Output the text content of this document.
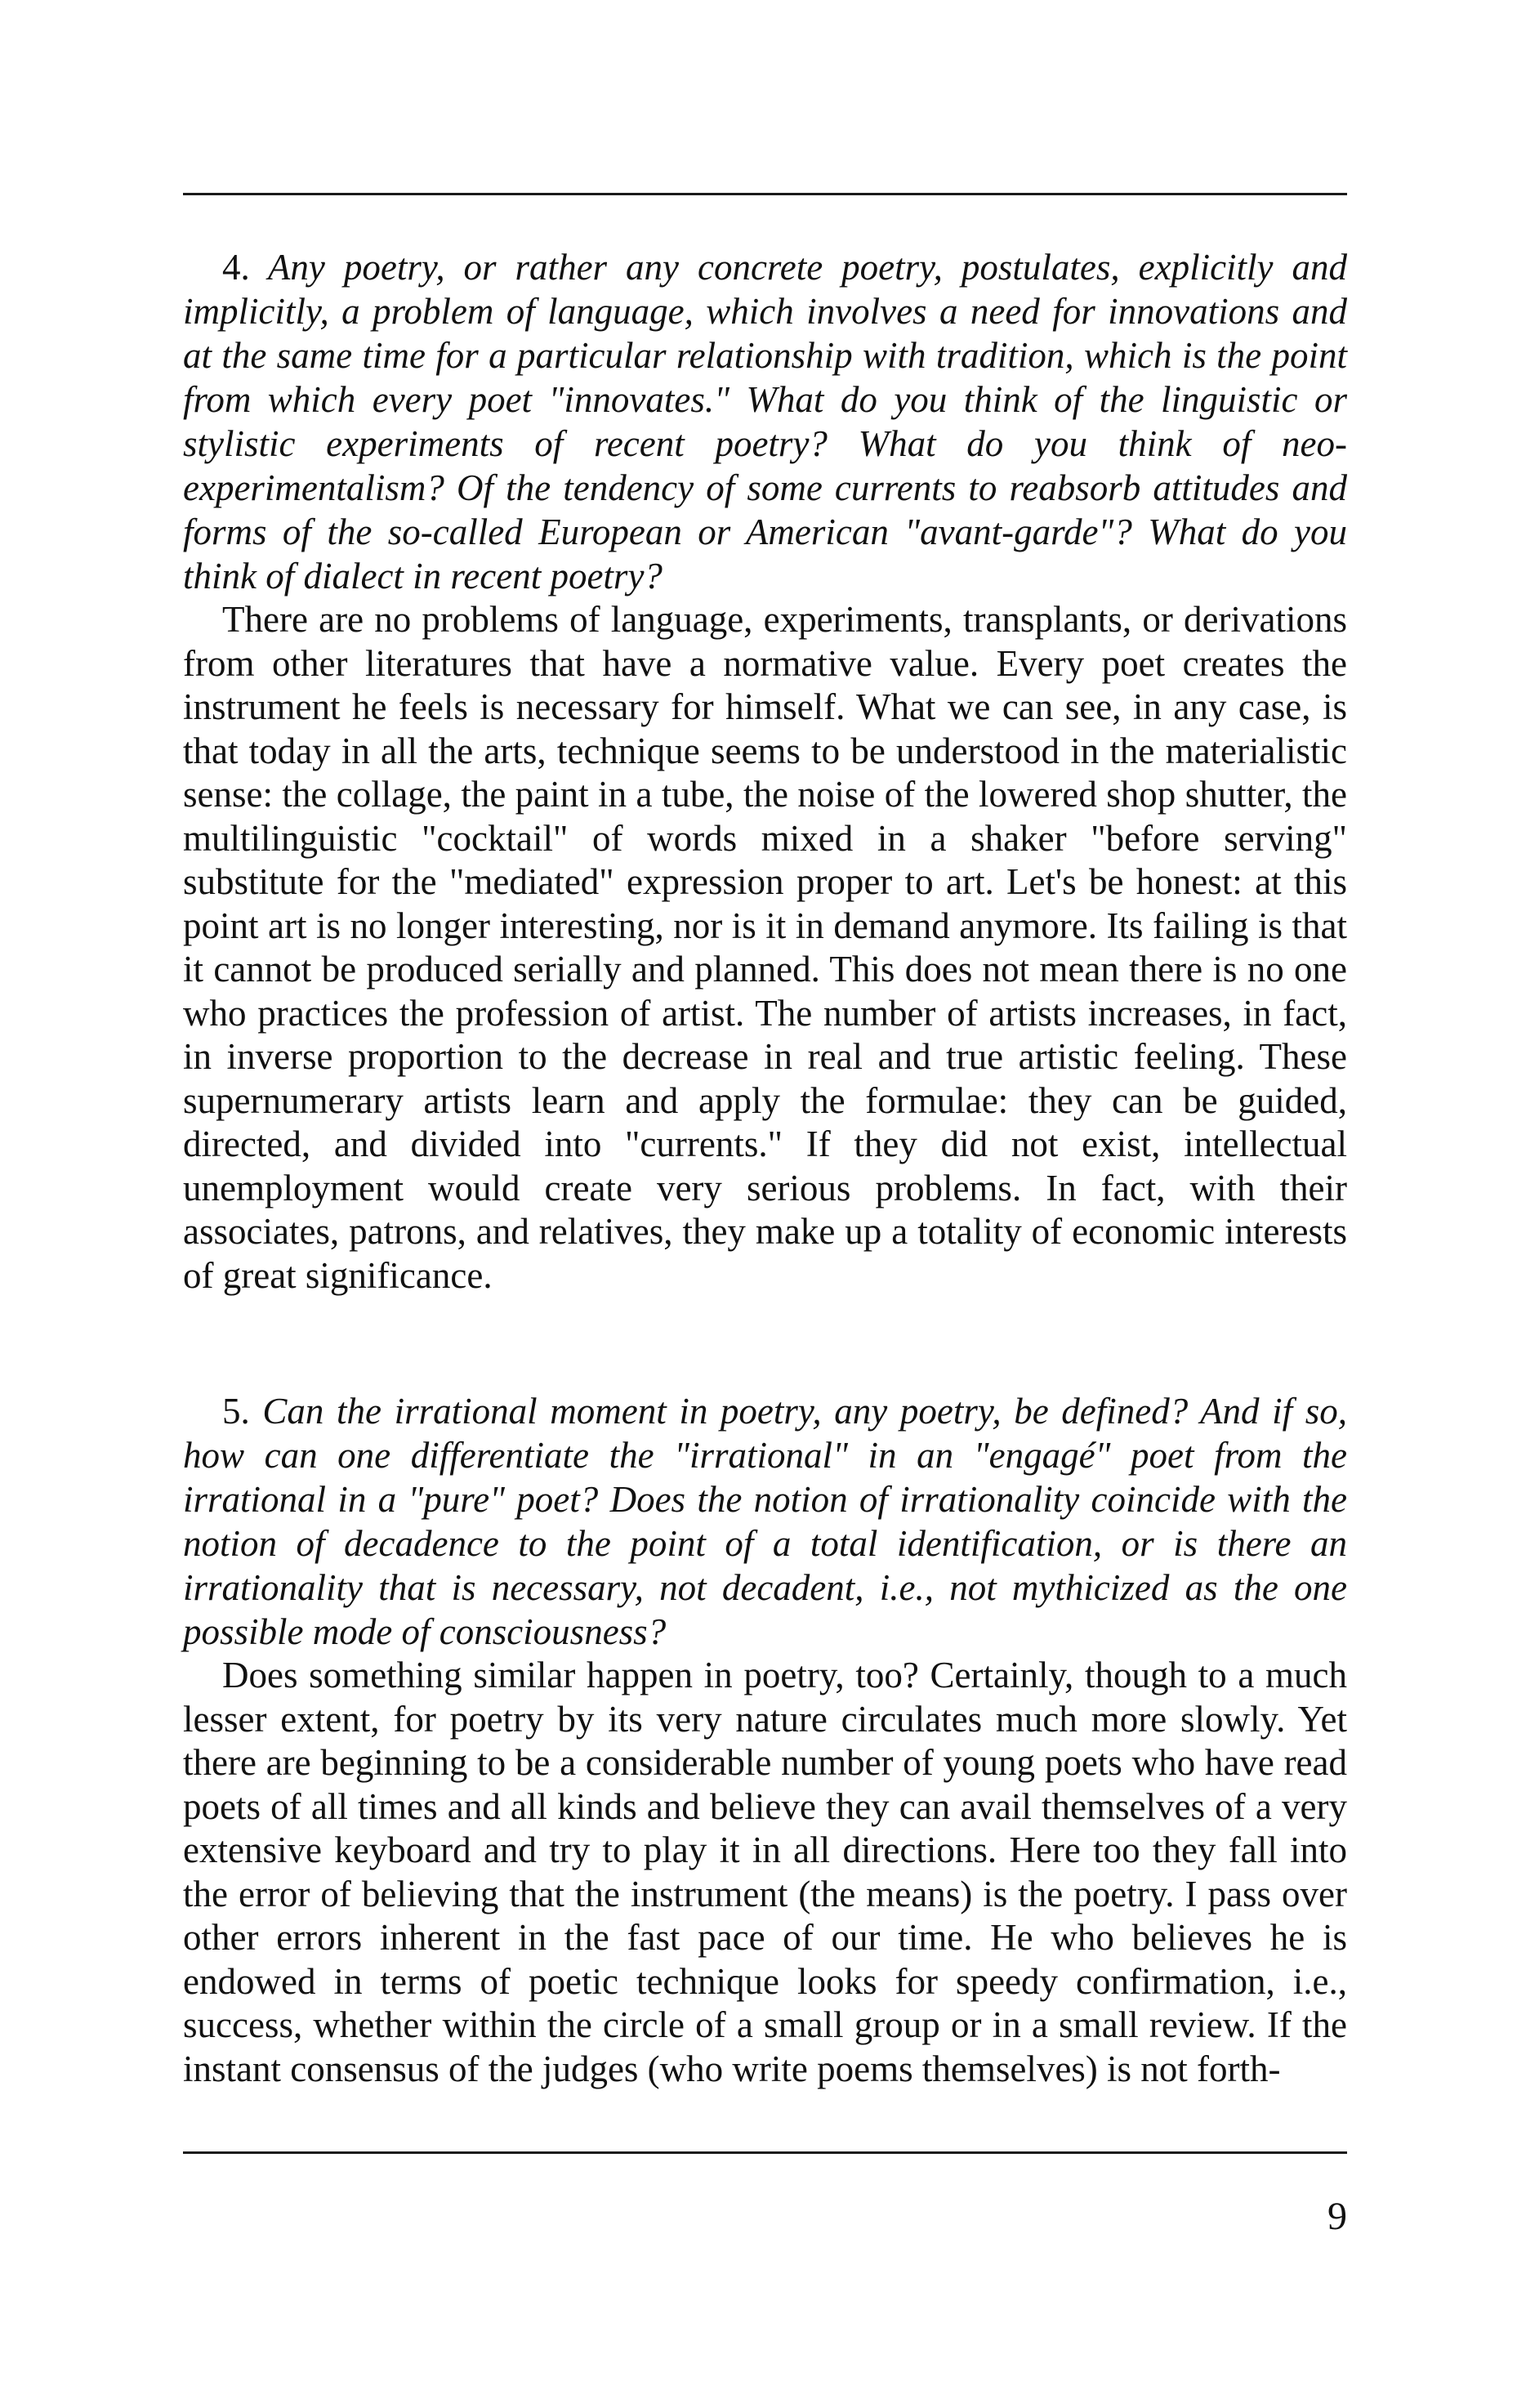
4. Any poetry, or rather any concrete poetry, postulates, explicitly and implicitly, a problem of language, which involves a need for innovations and at the same time for a particular relationship with tradition, which is the point from which every poet "innovates." What do you think of the linguistic or stylistic experiments of recent poetry? What do you think of neo-experimentalism? Of the tendency of some currents to reabsorb attitudes and forms of the so-called European or American "avant-garde"? What do you think of dialect in recent poetry?

There are no problems of language, experiments, transplants, or derivations from other literatures that have a normative value. Every poet creates the instrument he feels is necessary for himself. What we can see, in any case, is that today in all the arts, technique seems to be understood in the materialistic sense: the collage, the paint in a tube, the noise of the lowered shop shutter, the multilinguistic "cocktail" of words mixed in a shaker "before serving" substitute for the "mediated" expression proper to art. Let's be honest: at this point art is no longer interesting, nor is it in demand anymore. Its failing is that it cannot be produced serially and planned. This does not mean there is no one who practices the profession of artist. The number of artists increases, in fact, in inverse proportion to the decrease in real and true artistic feeling. These supernumerary artists learn and apply the formulae: they can be guided, directed, and divided into "currents." If they did not exist, intellectual unemployment would create very serious problems. In fact, with their associates, patrons, and relatives, they make up a totality of economic interests of great significance.

5. Can the irrational moment in poetry, any poetry, be defined? And if so, how can one differentiate the "irrational" in an "engagé" poet from the irrational in a "pure" poet? Does the notion of irrationality coincide with the notion of decadence to the point of a total identification, or is there an irrationality that is necessary, not decadent, i.e., not mythicized as the one possible mode of consciousness?

Does something similar happen in poetry, too? Certainly, though to a much lesser extent, for poetry by its very nature circulates much more slowly. Yet there are beginning to be a considerable number of young poets who have read poets of all times and all kinds and believe they can avail themselves of a very extensive keyboard and try to play it in all directions. Here too they fall into the error of believing that the instrument (the means) is the poetry. I pass over other errors inherent in the fast pace of our time. He who believes he is endowed in terms of poetic technique looks for speedy confirmation, i.e., success, whether within the circle of a small group or in a small review. If the instant consensus of the judges (who write poems themselves) is not forth-

9
